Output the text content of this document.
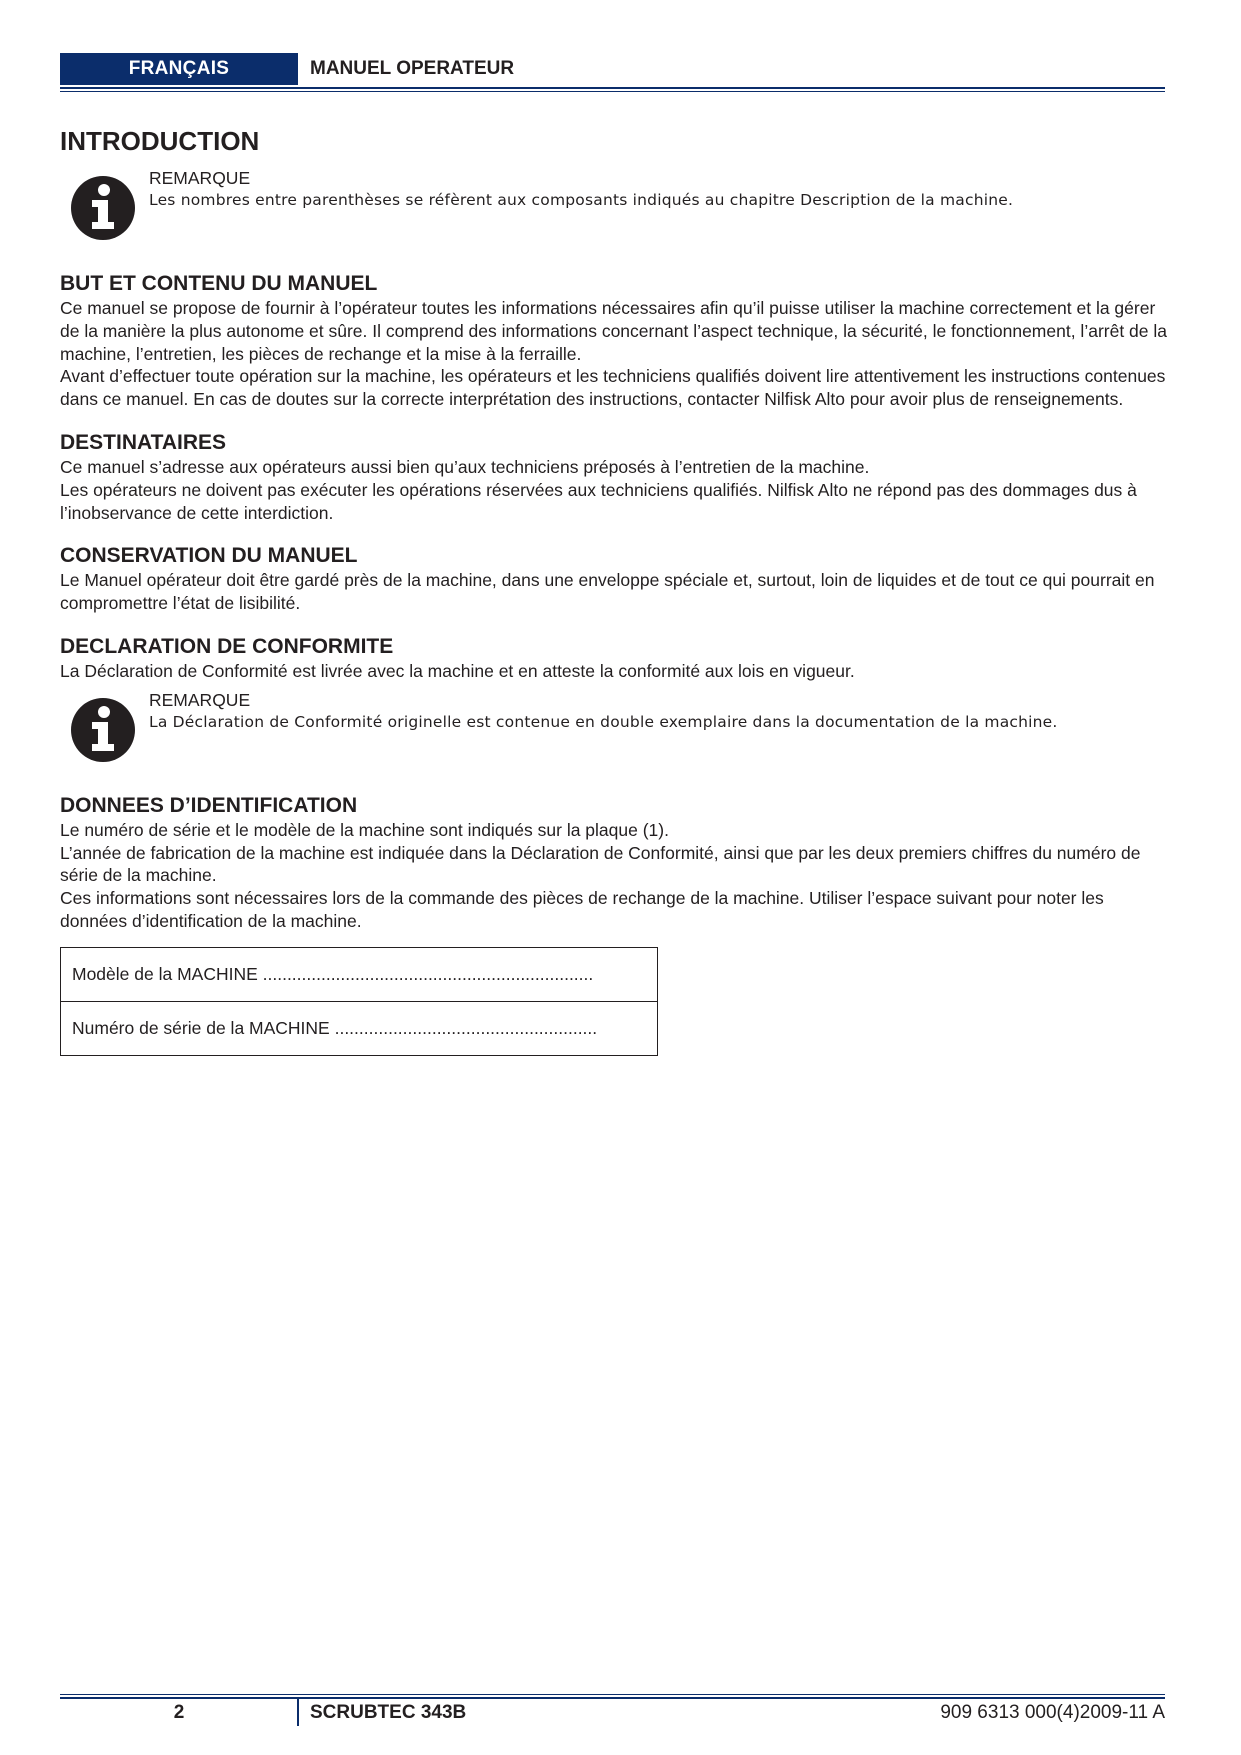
FRANÇAIS	MANUEL OPERATEUR
INTRODUCTION
REMARQUE
Les nombres entre parenthèses se réfèrent aux composants indiqués au chapitre Description de la machine.
BUT ET CONTENU DU MANUEL

Ce manuel se propose de fournir à l’opérateur toutes les informations nécessaires afin qu’il puisse utiliser la machine correctement et la gérer de la manière la plus autonome et sûre. Il comprend des informations concernant l’aspect technique, la sécurité, le fonctionnement, l’arrêt de la machine, l’entretien, les pièces de rechange et la mise à la ferraille.

Avant d’effectuer toute opération sur la machine, les opérateurs et les techniciens qualifiés doivent lire attentivement les instructions contenues dans ce manuel. En cas de doutes sur la correcte interprétation des instructions, contacter Nilfisk Alto pour avoir plus de renseignements.

DESTINATAIRES

Ce manuel s’adresse aux opérateurs aussi bien qu’aux techniciens préposés à l’entretien de la machine.

Les opérateurs ne doivent pas exécuter les opérations réservées aux techniciens qualifiés. Nilfisk Alto ne répond pas des dommages dus à l’inobservance de cette interdiction.

CONSERVATION DU MANUEL

Le Manuel opérateur doit être gardé près de la machine, dans une enveloppe spéciale et, surtout, loin de liquides et de tout ce qui pourrait en compromettre l’état de lisibilité.

DECLARATION DE CONFORMITE

La Déclaration de Conformité est livrée avec la machine et en atteste la conformité aux lois en vigueur.

REMARQUE
La Déclaration de Conformité originelle est contenue en double exemplaire dans la documentation de la machine.
DONNEES D’IDENTIFICATION

Le numéro de série et le modèle de la machine sont indiqués sur la plaque (1).

L’année de fabrication de la machine est indiquée dans la Déclaration de Conformité, ainsi que par les deux premiers chiffres du numéro de série de la machine.

Ces informations sont nécessaires lors de la commande des pièces de rechange de la machine. Utiliser l’espace suivant pour noter les données d’identification de la machine.

Modèle de la MACHINE ....................................................................
Numéro de série de la MACHINE ......................................................
2	SCRUBTEC 343B	909 6313 000(4)2009-11 A
